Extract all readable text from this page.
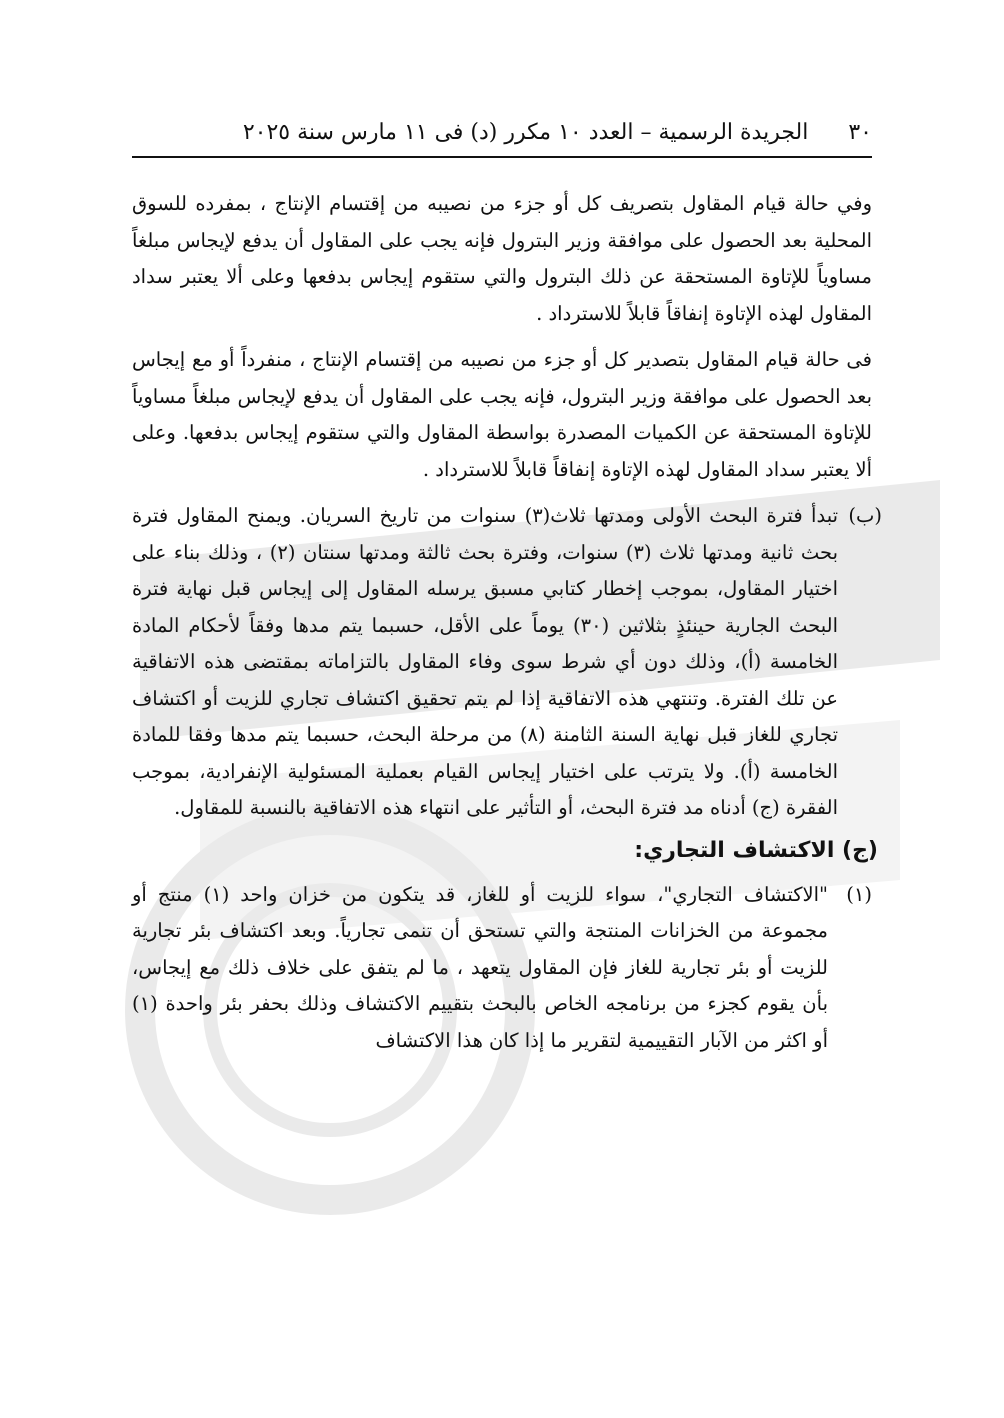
٣٠
الجريدة الرسمية – العدد ١٠ مكرر (د) فى ١١ مارس سنة ٢٠٢٥

وفي حالة قيام المقاول بتصريف كل أو جزء من نصيبه من إقتسام الإنتاج ، بمفرده للسوق المحلية بعد الحصول على موافقة وزير البترول فإنه يجب على المقاول أن يدفع لإيجاس مبلغاً مساوياً للإتاوة المستحقة عن ذلك البترول والتي ستقوم إيجاس بدفعها وعلى ألا يعتبر سداد المقاول لهذه الإتاوة إنفاقاً قابلاً للاسترداد .

فى حالة قيام المقاول بتصدير كل أو جزء من نصيبه من إقتسام الإنتاج ، منفرداً أو مع إيجاس بعد الحصول على موافقة وزير البترول، فإنه يجب على المقاول أن يدفع لإيجاس مبلغاً مساوياً للإتاوة المستحقة عن الكميات المصدرة بواسطة المقاول والتي ستقوم إيجاس بدفعها. وعلى ألا يعتبر سداد المقاول لهذه الإتاوة إنفاقاً قابلاً للاسترداد .

(ب)
تبدأ فترة البحث الأولى ومدتها ثلاث(٣) سنوات من تاريخ السريان. ويمنح المقاول فترة بحث ثانية ومدتها ثلاث (٣) سنوات، وفترة بحث ثالثة ومدتها سنتان (٢) ، وذلك بناء على اختيار المقاول، بموجب إخطار كتابي مسبق يرسله المقاول إلى إيجاس قبل نهاية فترة البحث الجارية حينئذٍ بثلاثين (٣٠) يوماً على الأقل، حسبما يتم مدها وفقاً لأحكام المادة الخامسة (أ)، وذلك دون أي شرط سوى وفاء المقاول بالتزاماته بمقتضى هذه الاتفاقية عن تلك الفترة. وتنتهي هذه الاتفاقية إذا لم يتم تحقيق اكتشاف تجاري للزيت أو اكتشاف تجاري للغاز قبل نهاية السنة الثامنة (٨) من مرحلة البحث، حسبما يتم مدها وفقا للمادة الخامسة (أ). ولا يترتب على اختيار إيجاس القيام بعملية المسئولية الإنفرادية، بموجب الفقرة (ج) أدناه مد فترة البحث، أو التأثير على انتهاء هذه الاتفاقية بالنسبة للمقاول.
(ج) الاكتشاف التجاري:
(١)
"الاكتشاف التجاري"، سواء للزيت أو للغاز، قد يتكون من خزان واحد (١) منتج أو مجموعة من الخزانات المنتجة والتي تستحق أن تنمى تجارياً. وبعد اكتشاف بئر تجارية للزيت أو بئر تجارية للغاز فإن المقاول يتعهد ، ما لم يتفق على خلاف ذلك مع إيجاس، بأن يقوم كجزء من برنامجه الخاص بالبحث بتقييم الاكتشاف وذلك بحفر بئر واحدة (١) أو اكثر من الآبار التقييمية لتقرير ما إذا كان هذا الاكتشاف
